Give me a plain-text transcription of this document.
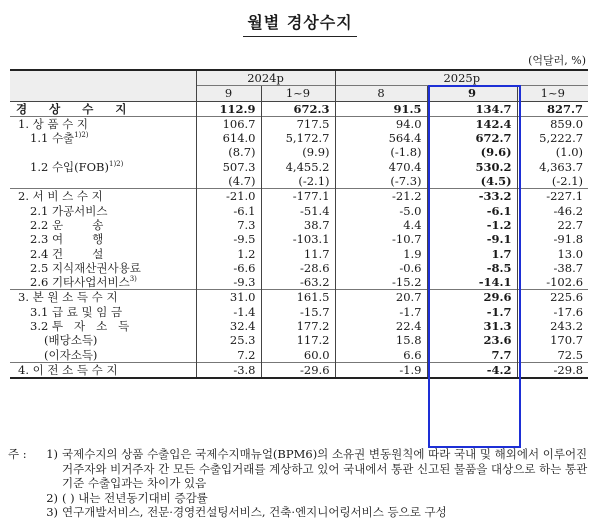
월별 경상수지
(억달러, %)
	2024p		2025p		
	9	1~9	8	9	1~9
경 상 수 지	112.9	672.3	91.5	134.7	827.7
1. 상 품 수 지	106.7	717.5	94.0	142.4	859.0
1.1 수출$^{1)2)}$	614.0	5,172.7	564.4	672.7	5,222.7
	(8.7)	(9.9)	(-1.8)	(9.6)	(1.0)
1.2 수입(FOB)$^{1)2)}$	507.3	4,455.2	470.4	530.2	4,363.7
	(4.7)	(-2.1)	(-7.3)	(4.5)	(-2.1)
2. 서 비 스 수 지	-21.0	-177.1	-21.2	-33.2	-227.1
2.1 가공서비스	-6.1	-51.4	-5.0	-6.1	-46.2
2.2 운        송	7.3	38.7	4.4	-1.2	22.7
2.3 여        행	-9.5	-103.1	-10.7	-9.1	-91.8
2.4 건        설	1.2	11.7	1.9	1.7	13.0
2.5 지식재산권사용료	-6.6	-28.6	-0.6	-8.5	-38.7
2.6 기타사업서비스$^{3)}$	-9.3	-63.2	-15.2	-14.1	-102.6
3. 본 원 소 득 수 지	31.0	161.5	20.7	29.6	225.6
3.1 급 료 및 임 금	-1.4	-15.7	-1.7	-1.7	-17.6
3.2 투   자   소   득	32.4	177.2	22.4	31.3	243.2
(배당소득)	25.3	117.2	15.8	23.6	170.7
(이자소득)	7.2	60.0	6.6	7.7	72.5
4. 이 전 소 득 수 지	-3.8	-29.6	-1.9	-4.2	-29.8
주 :	1) 국제수지의 상품 수출입은 국제수지매뉴얼(BPM6)의 소유권 변동원칙에 따라 국내 및 해외에서 이루어진 거주자와 비거주자 간 모든 수출입거래를 계상하고 있어 국내에서 통관 신고된 물품을 대상으로 하는 통관기준 수출입과는 차이가 있음
2) ( ) 내는 전년동기대비 증감률
3) 연구개발서비스, 전문·경영컨설팅서비스, 건축·엔지니어링서비스 등으로 구성
